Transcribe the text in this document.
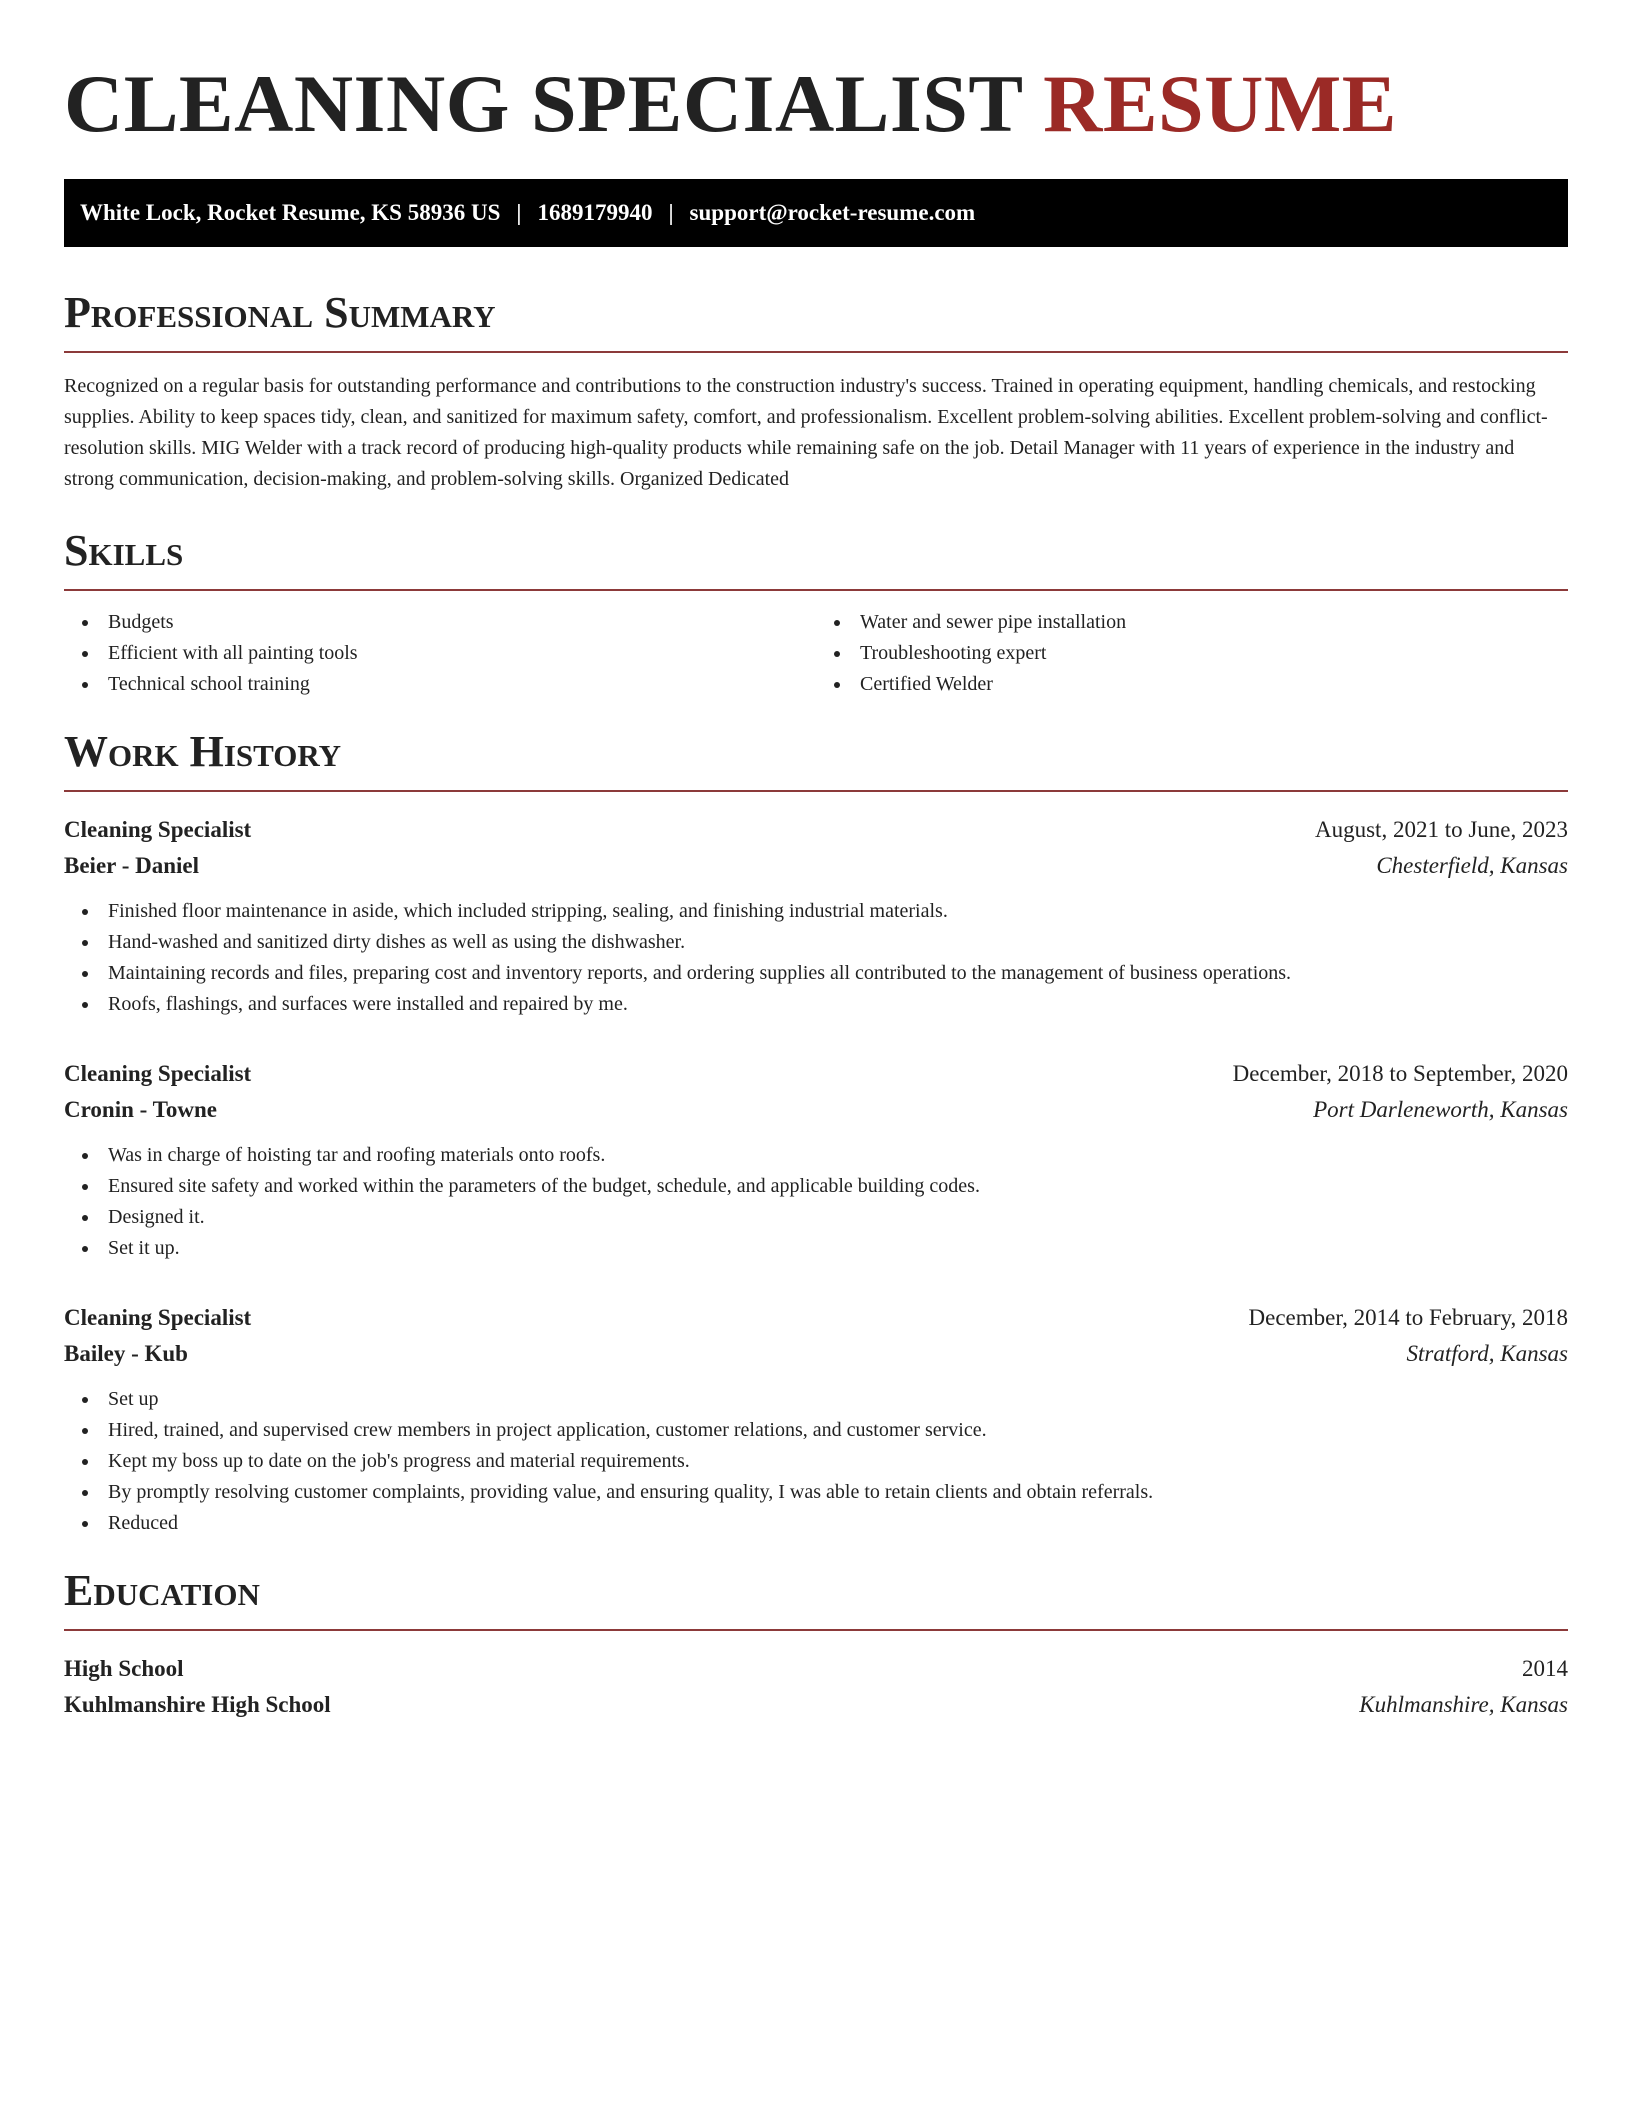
CLEANING SPECIALIST RESUME
White Lock, Rocket Resume, KS 58936 US | 1689179940 | support@rocket-resume.com
Professional Summary

Recognized on a regular basis for outstanding performance and contributions to the construction industry's success. Trained in operating equipment, handling chemicals, and restocking supplies. Ability to keep spaces tidy, clean, and sanitized for maximum safety, comfort, and professionalism. Excellent problem-solving abilities. Excellent problem-solving and conflict-resolution skills. MIG Welder with a track record of producing high-quality products while remaining safe on the job. Detail Manager with 11 years of experience in the industry and strong communication, decision-making, and problem-solving skills. Organized Dedicated

Skills
Budgets
Efficient with all painting tools
Technical school training
Water and sewer pipe installation
Troubleshooting expert
Certified Welder
Work History
Cleaning Specialist	August, 2021 to June, 2023
Beier - Daniel	Chesterfield, Kansas
Finished floor maintenance in aside, which included stripping, sealing, and finishing industrial materials.
Hand-washed and sanitized dirty dishes as well as using the dishwasher.
Maintaining records and files, preparing cost and inventory reports, and ordering supplies all contributed to the management of business operations.
Roofs, flashings, and surfaces were installed and repaired by me.
Cleaning Specialist	December, 2018 to September, 2020
Cronin - Towne	Port Darleneworth, Kansas
Was in charge of hoisting tar and roofing materials onto roofs.
Ensured site safety and worked within the parameters of the budget, schedule, and applicable building codes.
Designed it.
Set it up.
Cleaning Specialist	December, 2014 to February, 2018
Bailey - Kub	Stratford, Kansas
Set up
Hired, trained, and supervised crew members in project application, customer relations, and customer service.
Kept my boss up to date on the job's progress and material requirements.
By promptly resolving customer complaints, providing value, and ensuring quality, I was able to retain clients and obtain referrals.
Reduced
Education
High School	2014
Kuhlmanshire High School	Kuhlmanshire, Kansas
